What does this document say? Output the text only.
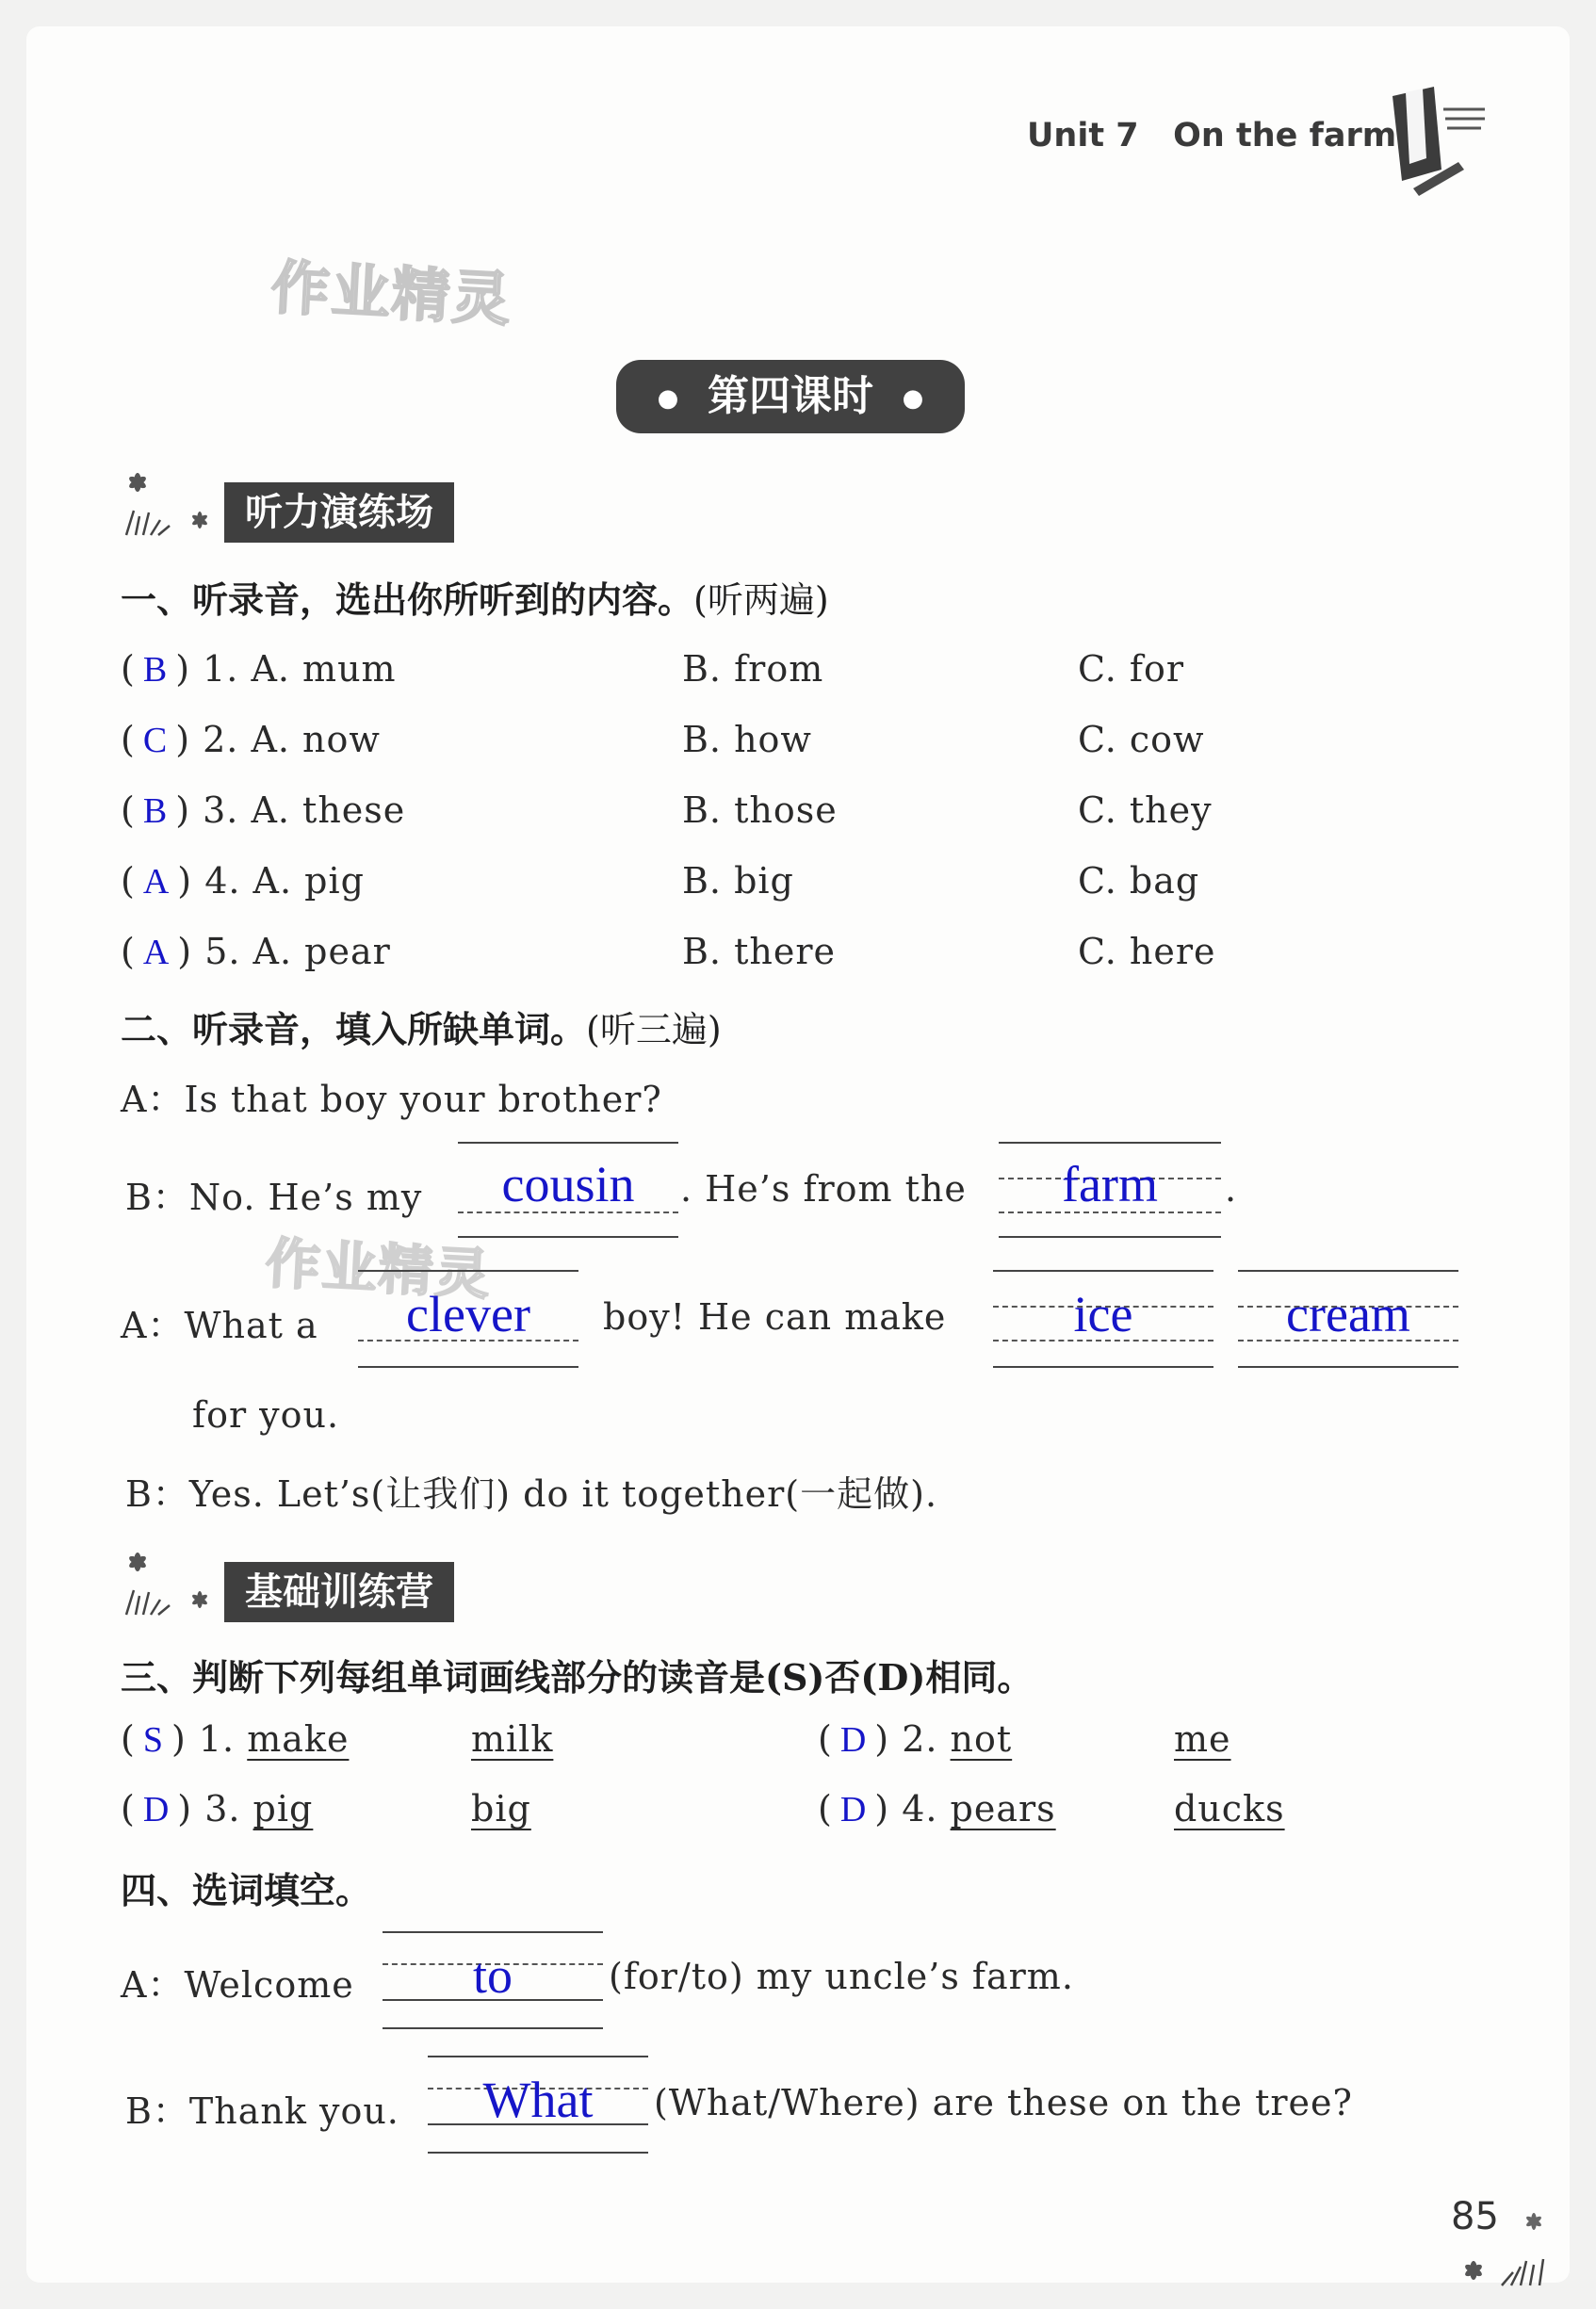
Unit 7 On the farm
作业精灵
作业精灵
● 第四课时 ●
听力演练场
一、听录音，选出你所听到的内容。(听两遍)
( B ) 1. A. mum	B. from	C. for
( C ) 2. A. now	B. how	C. cow
( B ) 3. A. these	B. those	C. they
( A ) 4. A. pig	B. big	C. bag
( A ) 5. A. pear	B. there	C. here
二、听录音，填入所缺单词。(听三遍)
A：Is that boy your brother?
B：No. He’s my	cousin	. He’s from the	farm	.
A：What a	clever	boy! He can make	ice	cream
for you.
B：Yes. Let’s(让我们) do it together(一起做).
基础训练营
三、判断下列每组单词画线部分的读音是(S)否(D)相同。
( S ) 1. make	milk	( D ) 2. not	me
( D ) 3. pig	big	( D ) 4. pears	ducks
四、选词填空。
A：Welcome	to	(for/to) my uncle’s farm.
B：Thank you.	What	(What/Where) are these on the tree?
85
